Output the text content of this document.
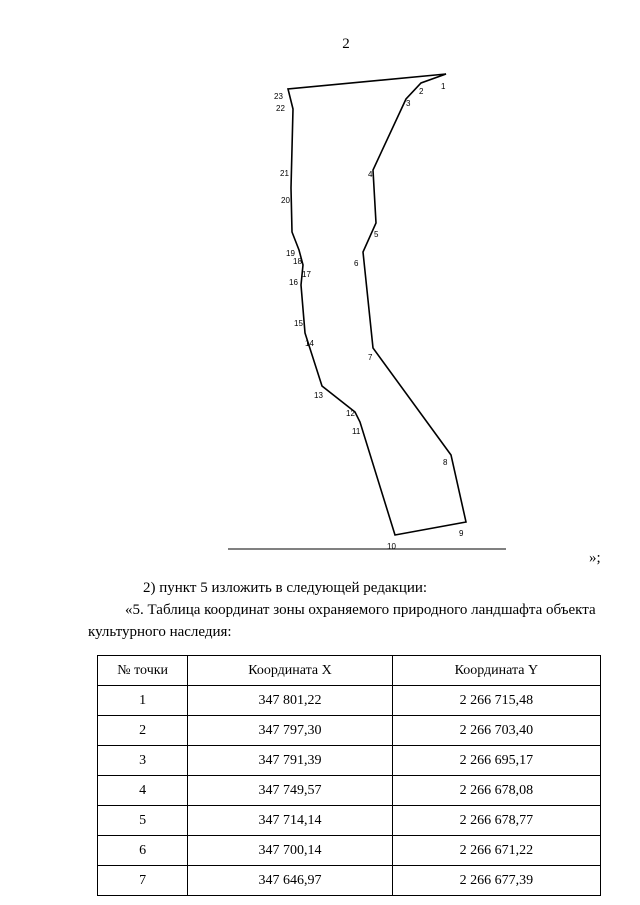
2
1
2
3
4
5
6
7
8
9
10
11
12
13
14
15
16
17
18
19
20
21
22
23
»;
2) пункт 5 изложить в следующей редакции:
«5. Таблица координат зоны охраняемого природного ландшафта объекта
культурного наследия:
№ точки	Координата X	Координата Y
1	347 801,22	2 266 715,48
2	347 797,30	2 266 703,40
3	347 791,39	2 266 695,17
4	347 749,57	2 266 678,08
5	347 714,14	2 266 678,77
6	347 700,14	2 266 671,22
7	347 646,97	2 266 677,39
